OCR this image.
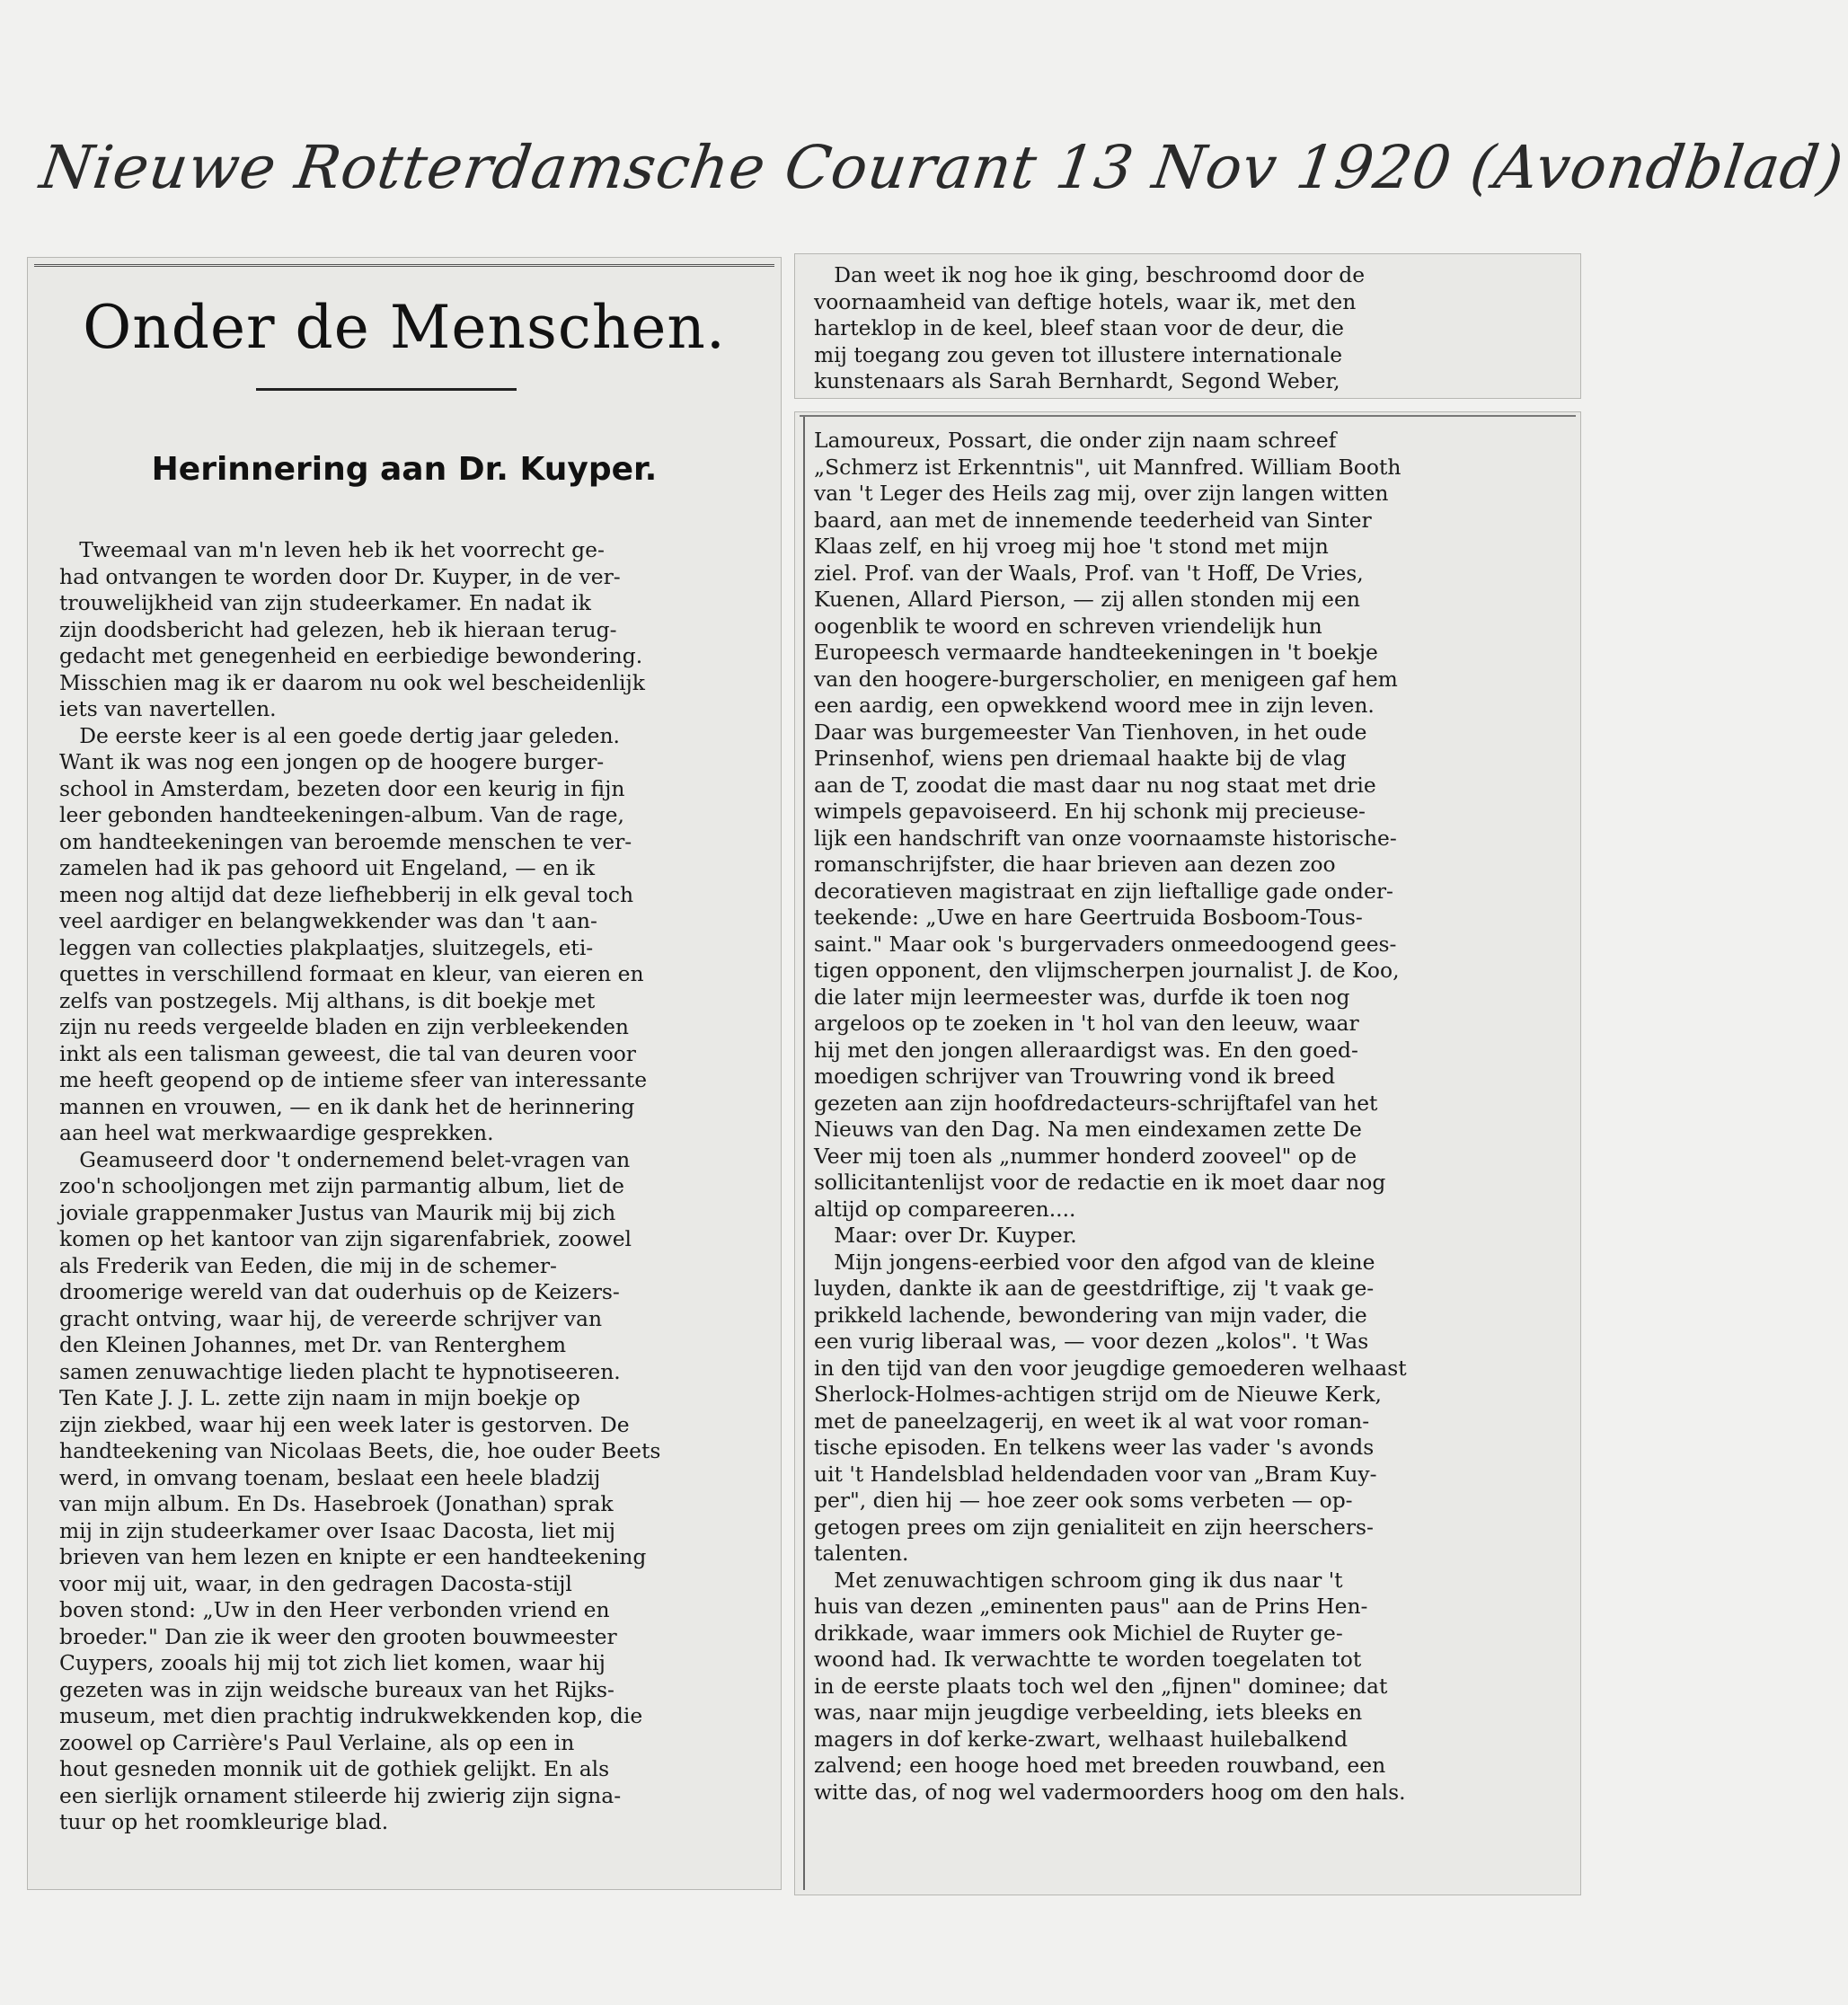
Nieuwe Rotterdamsche Courant 13 Nov 1920 (Avondblad)
Onder de Menschen.
Herinnering aan Dr. Kuyper.
Tweemaal van m'n leven heb ik het voorrecht ge-
had ontvangen te worden door Dr. Kuyper, in de ver-
trouwelijkheid van zijn studeerkamer. En nadat ik
zijn doodsbericht had gelezen, heb ik hieraan terug-
gedacht met genegenheid en eerbiedige bewondering.
Misschien mag ik er daarom nu ook wel bescheidenlijk
iets van navertellen.
De eerste keer is al een goede dertig jaar geleden.
Want ik was nog een jongen op de hoogere burger-
school in Amsterdam, bezeten door een keurig in fijn
leer gebonden handteekeningen-album. Van de rage,
om handteekeningen van beroemde menschen te ver-
zamelen had ik pas gehoord uit Engeland, — en ik
meen nog altijd dat deze liefhebberij in elk geval toch
veel aardiger en belangwekkender was dan 't aan-
leggen van collecties plakplaatjes, sluitzegels, eti-
quettes in verschillend formaat en kleur, van eieren en
zelfs van postzegels. Mij althans, is dit boekje met
zijn nu reeds vergeelde bladen en zijn verbleekenden
inkt als een talisman geweest, die tal van deuren voor
me heeft geopend op de intieme sfeer van interessante
mannen en vrouwen, — en ik dank het de herinnering
aan heel wat merkwaardige gesprekken.
Geamuseerd door 't ondernemend belet-vragen van
zoo'n schooljongen met zijn parmantig album, liet de
joviale grappenmaker Justus van Maurik mij bij zich
komen op het kantoor van zijn sigarenfabriek, zoowel
als Frederik van Eeden, die mij in de schemer-
droomerige wereld van dat ouderhuis op de Keizers-
gracht ontving, waar hij, de vereerde schrijver van
den Kleinen Johannes, met Dr. van Renterghem
samen zenuwachtige lieden placht te hypnotiseeren.
Ten Kate J. J. L. zette zijn naam in mijn boekje op
zijn ziekbed, waar hij een week later is gestorven. De
handteekening van Nicolaas Beets, die, hoe ouder Beets
werd, in omvang toenam, beslaat een heele bladzij
van mijn album. En Ds. Hasebroek (Jonathan) sprak
mij in zijn studeerkamer over Isaac Dacosta, liet mij
brieven van hem lezen en knipte er een handteekening
voor mij uit, waar, in den gedragen Dacosta-stijl
boven stond: „Uw in den Heer verbonden vriend en
broeder." Dan zie ik weer den grooten bouwmeester
Cuypers, zooals hij mij tot zich liet komen, waar hij
gezeten was in zijn weidsche bureaux van het Rijks-
museum, met dien prachtig indrukwekkenden kop, die
zoowel op Carrière's Paul Verlaine, als op een in
hout gesneden monnik uit de gothiek gelijkt. En als
een sierlijk ornament stileerde hij zwierig zijn signa-
tuur op het roomkleurige blad.
Dan weet ik nog hoe ik ging, beschroomd door de
voornaamheid van deftige hotels, waar ik, met den
harteklop in de keel, bleef staan voor de deur, die
mij toegang zou geven tot illustere internationale
kunstenaars als Sarah Bernhardt, Segond Weber,
Lamoureux, Possart, die onder zijn naam schreef
„Schmerz ist Erkenntnis", uit Mannfred. William Booth
van 't Leger des Heils zag mij, over zijn langen witten
baard, aan met de innemende teederheid van Sinter
Klaas zelf, en hij vroeg mij hoe 't stond met mijn
ziel. Prof. van der Waals, Prof. van 't Hoff, De Vries,
Kuenen, Allard Pierson, — zij allen stonden mij een
oogenblik te woord en schreven vriendelijk hun
Europeesch vermaarde handteekeningen in 't boekje
van den hoogere-burgerscholier, en menigeen gaf hem
een aardig, een opwekkend woord mee in zijn leven.
Daar was burgemeester Van Tienhoven, in het oude
Prinsenhof, wiens pen driemaal haakte bij de vlag
aan de T, zoodat die mast daar nu nog staat met drie
wimpels gepavoiseerd. En hij schonk mij precieuse-
lijk een handschrift van onze voornaamste historische-
romanschrijfster, die haar brieven aan dezen zoo
decoratieven magistraat en zijn lieftallige gade onder-
teekende: „Uwe en hare Geertruida Bosboom-Tous-
saint." Maar ook 's burgervaders onmeedoogend gees-
tigen opponent, den vlijmscherpen journalist J. de Koo,
die later mijn leermeester was, durfde ik toen nog
argeloos op te zoeken in 't hol van den leeuw, waar
hij met den jongen alleraardigst was. En den goed-
moedigen schrijver van Trouwring vond ik breed
gezeten aan zijn hoofdredacteurs-schrijftafel van het
Nieuws van den Dag. Na men eindexamen zette De
Veer mij toen als „nummer honderd zooveel" op de
sollicitantenlijst voor de redactie en ik moet daar nog
altijd op compareeren....
Maar: over Dr. Kuyper.
Mijn jongens-eerbied voor den afgod van de kleine
luyden, dankte ik aan de geestdriftige, zij 't vaak ge-
prikkeld lachende, bewondering van mijn vader, die
een vurig liberaal was, — voor dezen „kolos". 't Was
in den tijd van den voor jeugdige gemoederen welhaast
Sherlock-Holmes-achtigen strijd om de Nieuwe Kerk,
met de paneelzagerij, en weet ik al wat voor roman-
tische episoden. En telkens weer las vader 's avonds
uit 't Handelsblad heldendaden voor van „Bram Kuy-
per", dien hij — hoe zeer ook soms verbeten — op-
getogen prees om zijn genialiteit en zijn heerschers-
talenten.
Met zenuwachtigen schroom ging ik dus naar 't
huis van dezen „eminenten paus" aan de Prins Hen-
drikkade, waar immers ook Michiel de Ruyter ge-
woond had. Ik verwachtte te worden toegelaten tot
in de eerste plaats toch wel den „fijnen" dominee; dat
was, naar mijn jeugdige verbeelding, iets bleeks en
magers in dof kerke-zwart, welhaast huilebalkend
zalvend; een hooge hoed met breeden rouwband, een
witte das, of nog wel vadermoorders hoog om den hals.
